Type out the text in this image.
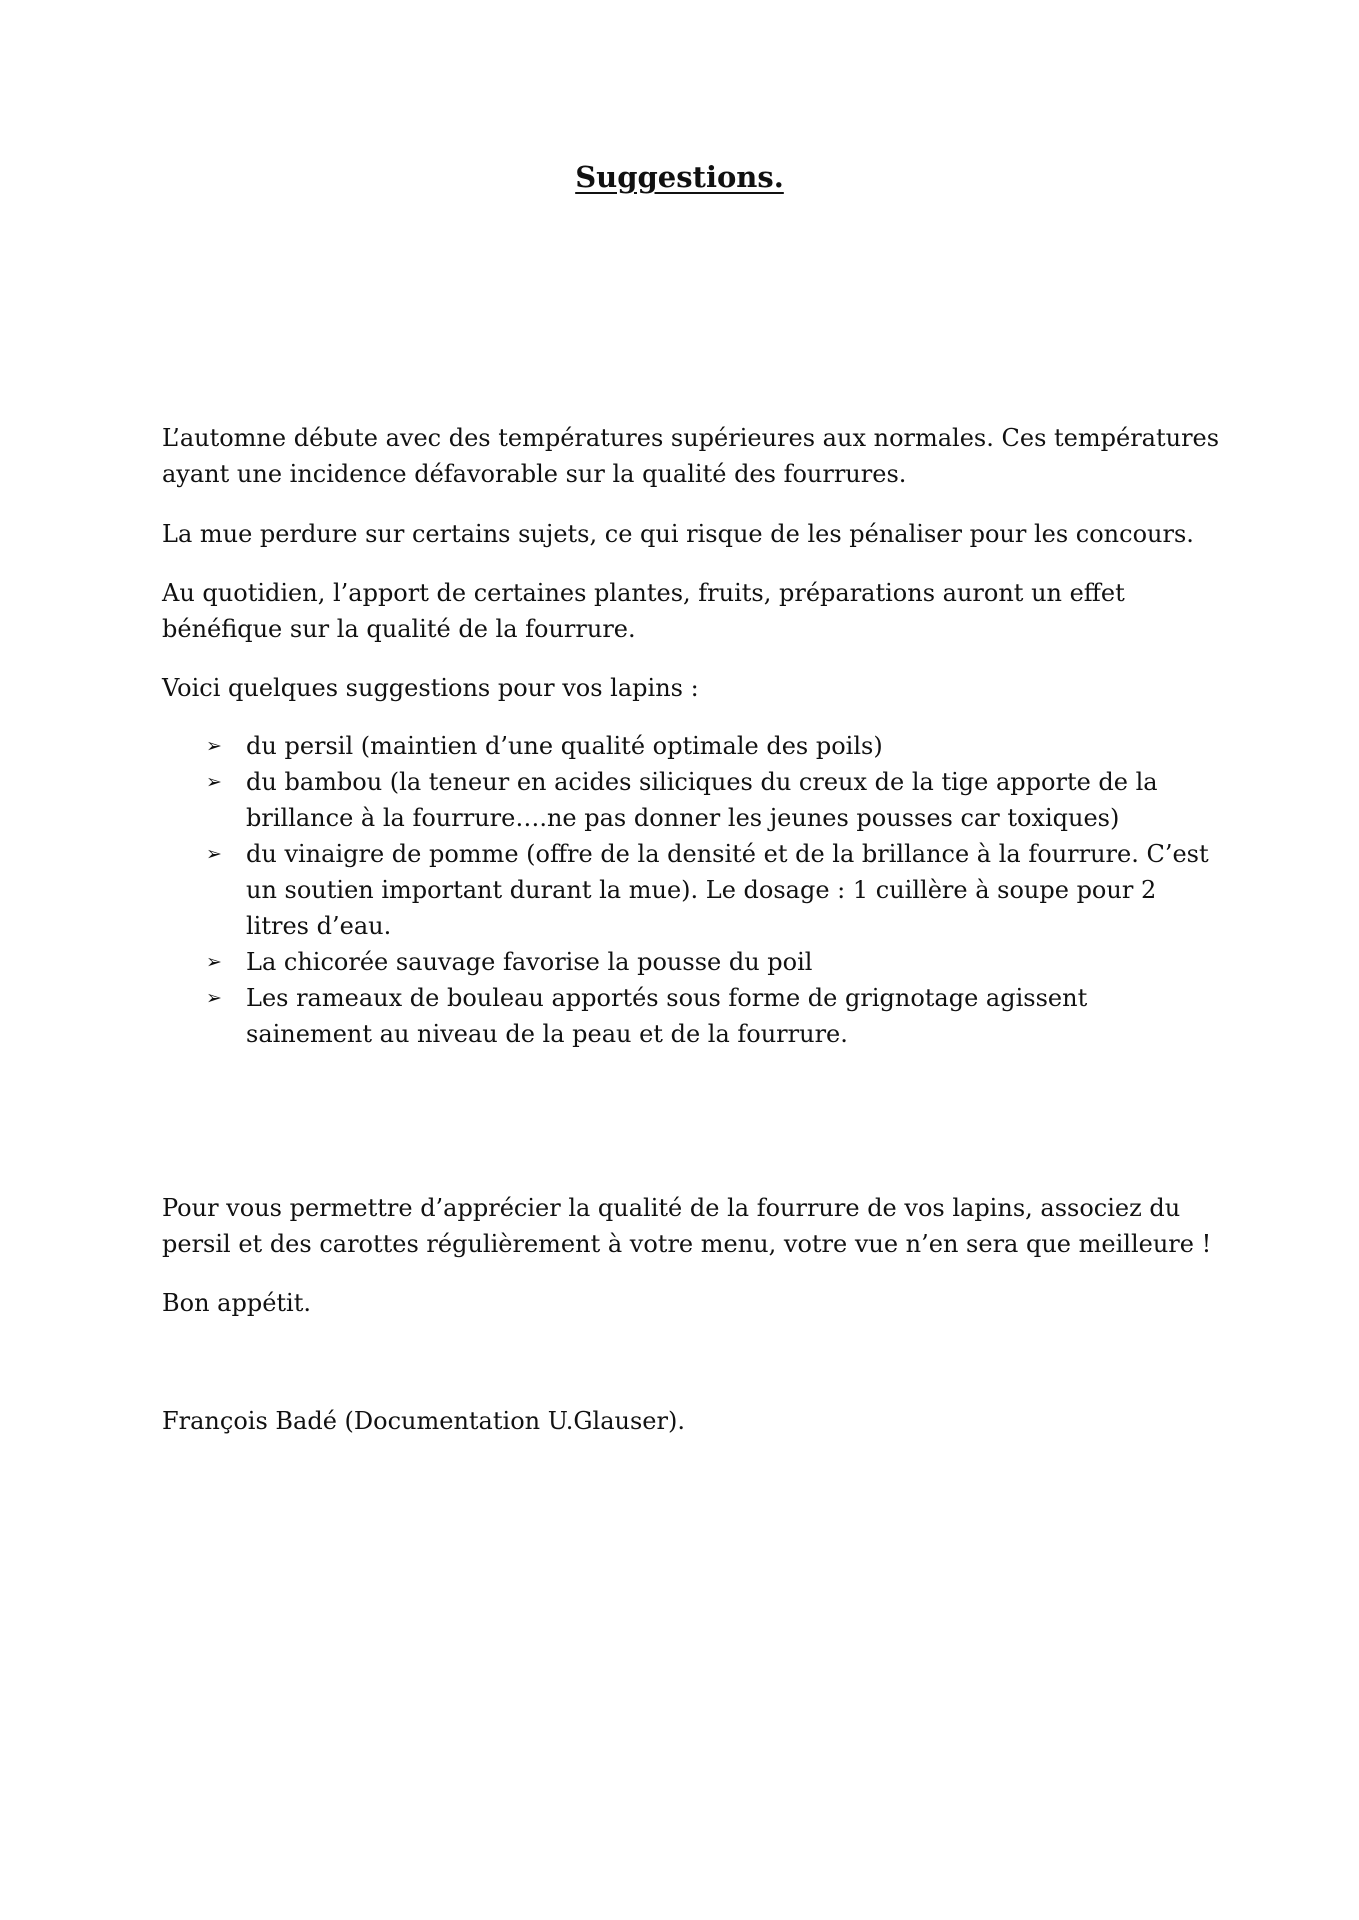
Suggestions.

L’automne débute avec des températures supérieures aux normales. Ces températures ayant une incidence défavorable sur la qualité des fourrures.

La mue perdure sur certains sujets, ce qui risque de les pénaliser pour les concours.

Au quotidien, l’apport de certaines plantes, fruits, préparations auront un effet bénéfique sur la qualité de la fourrure.

Voici quelques suggestions pour vos lapins :

➢ du persil (maintien d’une qualité optimale des poils)
➢ du bambou (la teneur en acides siliciques du creux de la tige apporte de la brillance à la fourrure….ne pas donner les jeunes pousses car toxiques)
➢ du vinaigre de pomme (offre de la densité et de la brillance à la fourrure. C’est un soutien important durant la mue). Le dosage : 1 cuillère à soupe pour 2 litres d’eau.
➢ La chicorée sauvage favorise la pousse du poil
➢ Les rameaux de bouleau apportés sous forme de grignotage agissent sainement au niveau de la peau et de la fourrure.

Pour vous permettre d’apprécier la qualité de la fourrure de vos lapins, associez du persil et des carottes régulièrement à votre menu, votre vue n’en sera que meilleure !

Bon appétit.

François Badé (Documentation U.Glauser).
